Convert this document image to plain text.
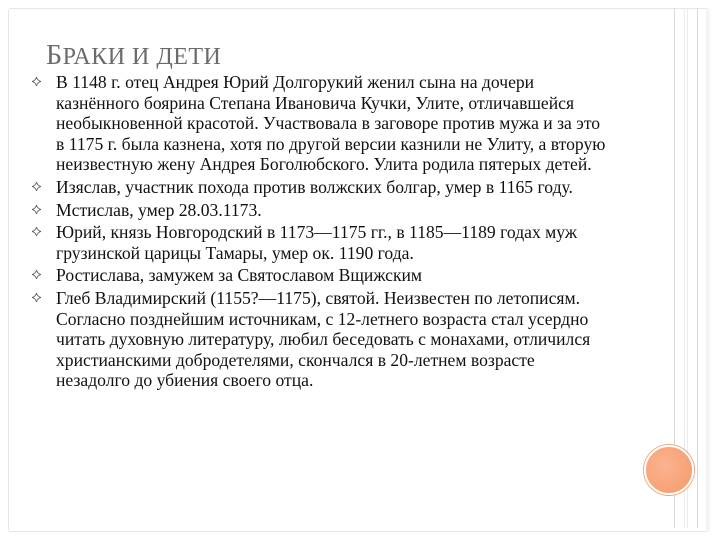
БРАКИ И ДЕТИ
В 1148 г. отец Андрея Юрий Долгорукий женил сына на дочери казнённого боярина Степана Ивановича Кучки, Улите, отличавшейся необыкновенной красотой. Участвовала в заговоре против мужа и за это в 1175 г. была казнена, хотя по другой версии казнили не Улиту, а вторую неизвестную жену Андрея Боголюбского. Улита родила пятерых детей.
Изяслав, участник похода против волжских болгар, умер в 1165 году.
Мстислав, умер 28.03.1173.
Юрий, князь Новгородский в 1173—1175 гг., в 1185—1189 годах муж грузинской царицы Тамары, умер ок. 1190 года.
Ростислава, замужем за Святославом Вщижским
Глеб Владимирский (1155?—1175), святой. Неизвестен по летописям. Согласно позднейшим источникам, с 12-летнего возраста стал усердно читать духовную литературу, любил беседовать с монахами, отличился христианскими добродетелями, скончался в 20-летнем возрасте незадолго до убиения своего отца.
